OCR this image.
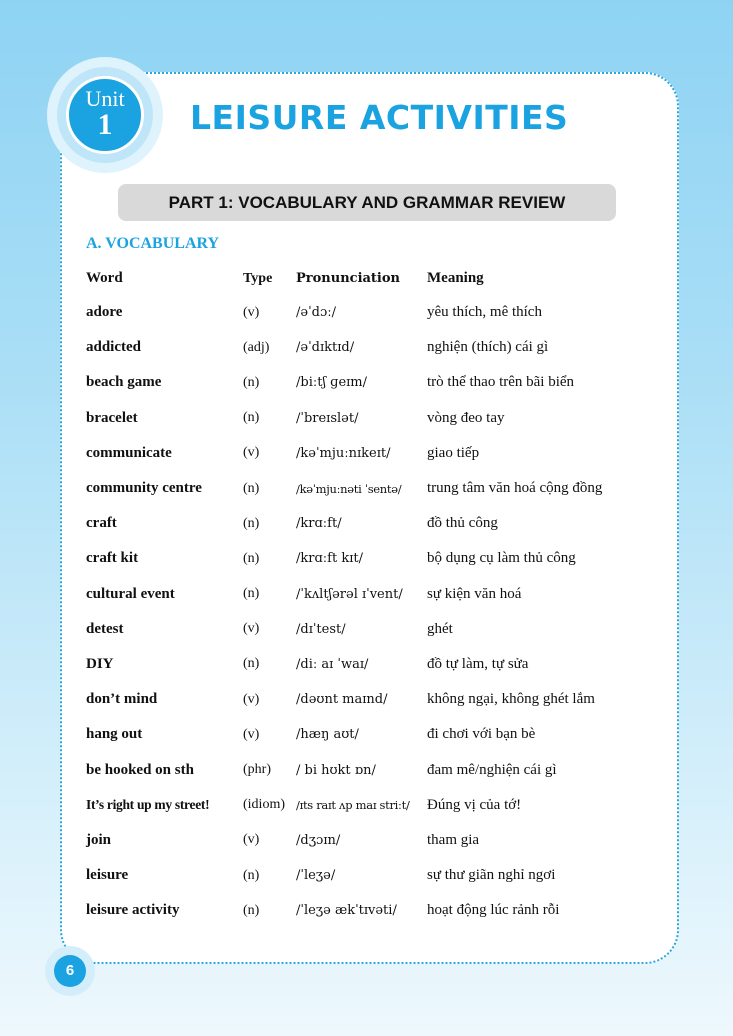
Unit
1	LEISURE ACTIVITIES
PART 1: VOCABULARY AND GRAMMAR REVIEW
A. VOCABULARY
Word	Type	Pronunciation	Meaning
adore	(v)	/əˈdɔː/	yêu thích, mê thích
addicted	(adj)	/əˈdɪktɪd/	nghiện (thích) cái gì
beach game	(n)	/biːtʃ ɡeɪm/	trò thể thao trên bãi biển
bracelet	(n)	/ˈbreɪslət/	vòng đeo tay
communicate	(v)	/kəˈmjuːnɪkeɪt/	giao tiếp
community centre	(n)	/kəˈmjuːnəti ˈsentə/	trung tâm văn hoá cộng đồng
craft	(n)	/krɑːft/	đồ thủ công
craft kit	(n)	/krɑːft kɪt/	bộ dụng cụ làm thủ công
cultural event	(n)	/ˈkʌltʃərəl ɪˈvent/	sự kiện văn hoá
detest	(v)	/dɪˈtest/	ghét
DIY	(n)	/diː aɪ ˈwaɪ/	đồ tự làm, tự sửa
don’t mind	(v)	/dəʊnt maɪnd/	không ngại, không ghét lắm
hang out	(v)	/hæŋ aʊt/	đi chơi với bạn bè
be hooked on sth	(phr)	/ bi hʊkt ɒn/	đam mê/nghiện cái gì
It’s right up my street!	(idiom)	/ɪts raɪt ʌp maɪ striːt/	Đúng vị của tớ!
join	(v)	/dʒɔɪn/	tham gia
leisure	(n)	/ˈleʒə/	sự thư giãn nghỉ ngơi
leisure activity	(n)	/ˈleʒə ækˈtɪvəti/	hoạt động lúc rảnh rỗi
6
